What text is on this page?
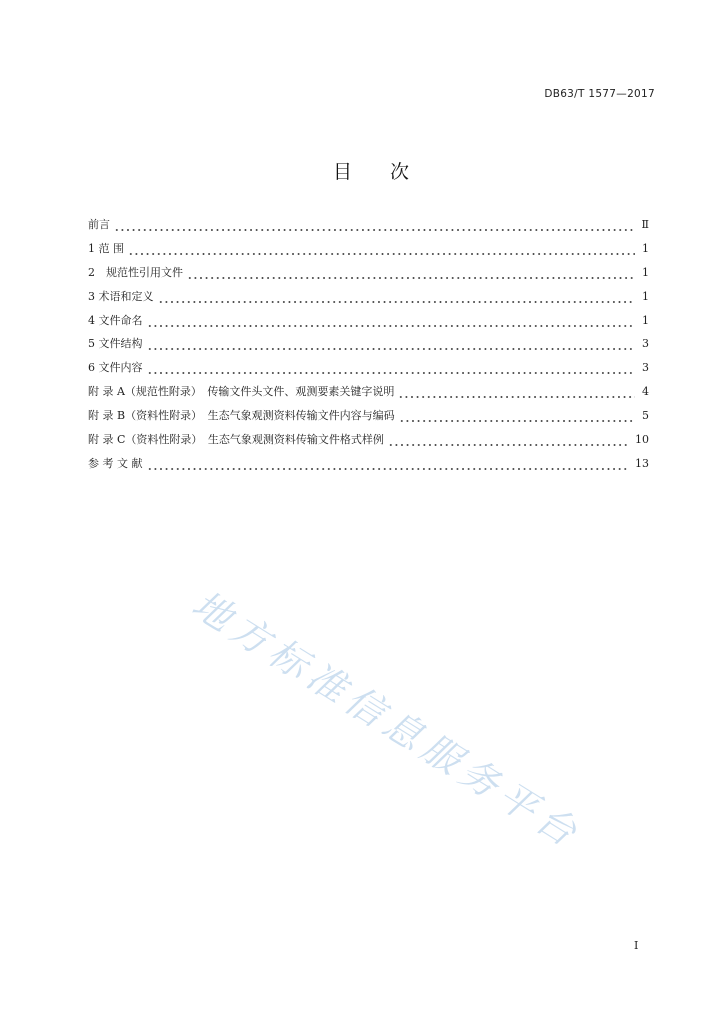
DB63/T 1577—2017
目　　次
前言	Ⅱ
1 范 围	1
2　规范性引用文件	1
3 术语和定义	1
4 文件命名	1
5 文件结构	3
6 文件内容	3
附 录 A（规范性附录）　传输文件头文件、观测要素关键字说明	4
附 录 B（资料性附录）　生态气象观测资料传输文件内容与编码	5
附 录 C（资料性附录）　生态气象观测资料传输文件格式样例	10
参 考 文 献	13
地方标准信息服务平台
I
